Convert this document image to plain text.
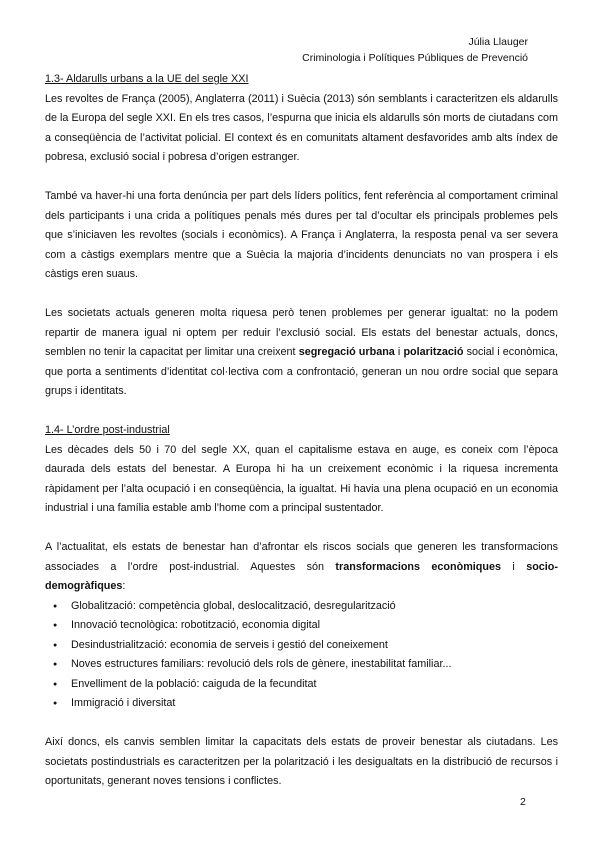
Júlia Llauger
Criminologia i Polítiques Públiques de Prevenció
1.3- Aldarulls urbans a la UE del segle XXI

Les revoltes de França (2005), Anglaterra (2011) i Suècia (2013) són semblants i caracteritzen els aldarulls de la Europa del segle XXI. En els tres casos, l’espurna que inicia els aldarulls són morts de ciutadans com a conseqüència de l’activitat policial. El context és en comunitats altament desfavorides amb alts índex de pobresa, exclusió social i pobresa d’origen estranger.

També va haver-hi una forta denúncia per part dels líders polítics, fent referència al comportament criminal dels participants i una crida a polítiques penals més dures per tal d’ocultar els principals problemes pels que s’iniciaven les revoltes (socials i econòmics). A França i Anglaterra, la resposta penal va ser severa com a càstigs exemplars mentre que a Suècia la majoria d’incidents denunciats no van prospera i els càstigs eren suaus.

Les societats actuals generen molta riquesa però tenen problemes per generar igualtat: no la podem repartir de manera igual ni optem per reduir l’exclusió social. Els estats del benestar actuals, doncs, semblen no tenir la capacitat per limitar una creixent segregació urbana i polarització social i econòmica, que porta a sentiments d’identitat col·lectiva com a confrontació, generan un nou ordre social que separa grups i identitats.

1.4- L’ordre post-industrial

Les dècades dels 50 i 70 del segle XX, quan el capitalisme estava en auge, es coneix com l’època daurada dels estats del benestar. A Europa hi ha un creixement econòmic i la riquesa incrementa ràpidament per l’alta ocupació i en conseqüència, la igualtat. Hi havia una plena ocupació en un economia industrial i una família estable amb l’home com a principal sustentador.

A l’actualitat, els estats de benestar han d’afrontar els riscos socials que generen les transformacions associades a l’ordre post-industrial. Aquestes són transformacions econòmiques i socio-demogràfiques:

● Globalització: competència global, deslocalització, desregularització
● Innovació tecnològica: robotització, economia digital
● Desindustrialització: economia de serveis i gestió del coneixement
● Noves estructures familiars: revolució dels rols de gènere, inestabilitat familiar...
● Envelliment de la població: caiguda de la fecunditat
● Immigració i diversitat

Així doncs, els canvis semblen limitar la capacitats dels estats de proveir benestar als ciutadans. Les societats postindustrials es caracteritzen per la polarització i les desigualtats en la distribució de recursos i oportunitats, generant noves tensions i conflictes.

2
